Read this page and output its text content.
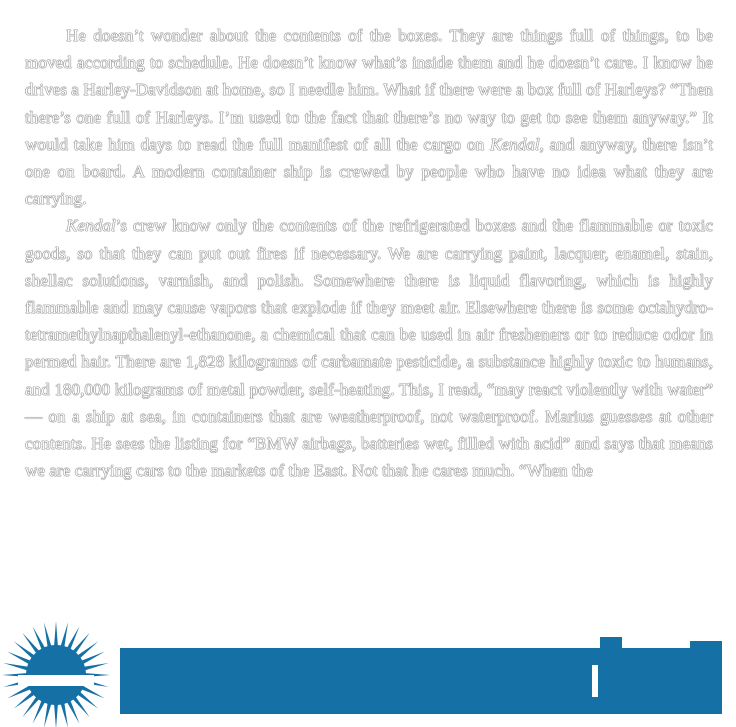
He doesn’t wonder about the contents of the boxes. They are things full of things, to be moved according to schedule. He doesn’t know what’s inside them and he doesn’t care. I know he drives a Harley-Davidson at home, so I needle him. What if there were a box full of Harleys? “Then there’s one full of Harleys. I’m used to the fact that there’s no way to get to see them anyway.” It would take him days to read the full manifest of all the cargo on Kendal, and anyway, there isn’t one on board. A modern container ship is crewed by people who have no idea what they are carrying.

Kendal’s crew know only the contents of the refrigerated boxes and the flammable or toxic goods, so that they can put out fires if necessary. We are carrying paint, lacquer, enamel, stain, shellac solutions, varnish, and polish. Somewhere there is liquid flavoring, which is highly flammable and may cause vapors that explode if they meet air. Elsewhere there is some octahydro-tetramethylnapthalenyl-ethanone, a chemical that can be used in air fresheners or to reduce odor in permed hair. There are 1,828 kilograms of carbamate pesticide, a substance highly toxic to humans, and 180,000 kilograms of metal powder, self-heating. This, I read, “may react violently with water” — on a ship at sea, in containers that are weatherproof, not waterproof. Marius guesses at other contents. He sees the listing for “BMW airbags, batteries wet, filled with acid” and says that means we are carrying cars to the markets of the East. Not that he cares much. “When the
